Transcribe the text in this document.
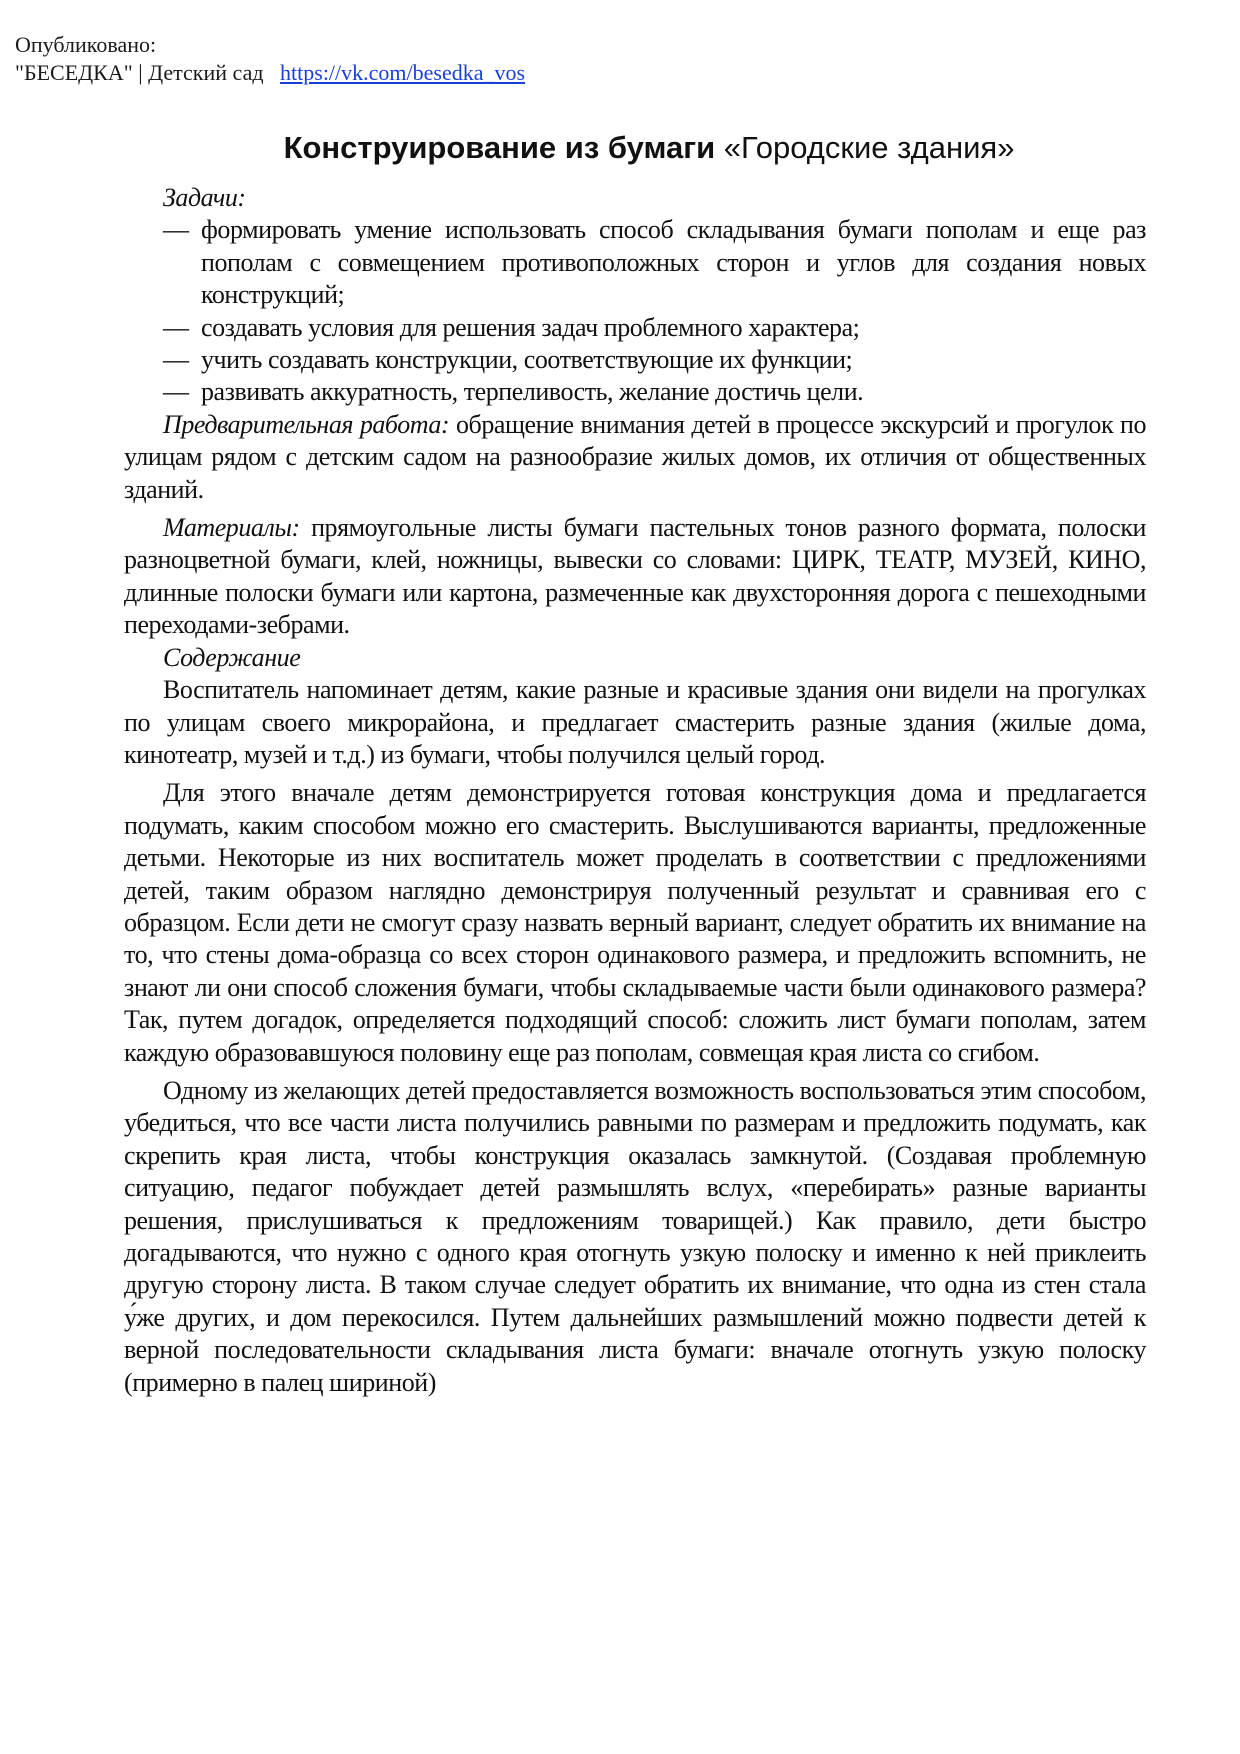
Опубликовано:
"БЕСЕДКА" | Детский сад https://vk.com/besedka_vos
Конструирование из бумаги «Городские здания»
Задачи:
— формировать умение использовать способ складывания бумаги пополам и еще раз пополам с совмещением противоположных сторон и углов для создания новых конструкций;
— создавать условия для решения задач проблемного характера;
— учить создавать конструкции, соответствующие их функции;
— развивать аккуратность, терпеливость, желание достичь цели.

Предварительная работа: обращение внимания детей в процессе экскурсий и прогулок по улицам рядом с детским садом на разнообразие жилых домов, их отличия от общественных зданий.

Материалы: прямоугольные листы бумаги пастельных тонов разного формата, полоски разноцветной бумаги, клей, ножницы, вывески со словами: ЦИРК, ТЕАТР, МУЗЕЙ, КИНО, длинные полоски бумаги или картона, размеченные как двухсторонняя дорога с пешеходными переходами-зебрами.

Содержание

Воспитатель напоминает детям, какие разные и красивые здания они видели на прогулках по улицам своего микрорайона, и предлагает смастерить разные здания (жилые дома, кинотеатр, музей и т.д.) из бумаги, чтобы получился целый город.

Для этого вначале детям демонстрируется готовая конструкция дома и предлагается подумать, каким способом можно его смастерить. Выслушиваются варианты, предложенные детьми. Некоторые из них воспитатель может проделать в соответствии с предложениями детей, таким образом наглядно демонстрируя полученный результат и сравнивая его с образцом. Если дети не смогут сразу назвать верный вариант, следует обратить их внимание на то, что стены дома-образца со всех сторон одинакового размера, и предложить вспомнить, не знают ли они способ сложения бумаги, чтобы складываемые части были одинакового размера? Так, путем догадок, определяется подходящий способ: сложить лист бумаги пополам, затем каждую образовавшуюся половину еще раз пополам, совмещая края листа со сгибом.

Одному из желающих детей предоставляется возможность воспользоваться этим способом, убедиться, что все части листа получились равными по размерам и предложить подумать, как скрепить края листа, чтобы конструкция оказалась замкнутой. (Создавая проблемную ситуацию, педагог побуждает детей размышлять вслух, «перебирать» разные варианты решения, прислушиваться к предложениям товарищей.) Как правило, дети быстро догадываются, что нужно с одного края отогнуть узкую полоску и именно к ней приклеить другую сторону листа. В таком случае следует обратить их внимание, что одна из стен стала у́же других, и дом перекосился. Путем дальнейших размышлений можно подвести детей к верной последовательности складывания листа бумаги: вначале отогнуть узкую полоску (примерно в палец шириной)
